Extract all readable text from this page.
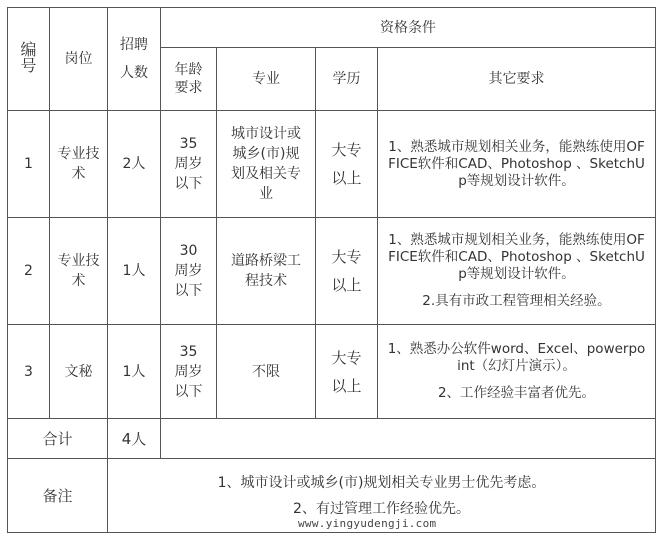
编号	岗位	招聘人数	资格条件			
			年龄要求	专业	学历	其它要求
1	专业技术	2人	35周岁以下	城市设计或城乡(市)规划及相关专业	大专以上	1、熟悉城市规划相关业务，能熟练使用OFFICE软件和CAD、Photoshop 、SketchUp等规划设计软件。

2	专业技术	1人	30周岁以下	道路桥梁工程技术	大专以上	1、熟悉城市规划相关业务，能熟练使用OFFICE软件和CAD、Photoshop 、SketchUp等规划设计软件。

2.具有市政工程管理相关经验。

3	文秘	1人	35周岁以下	不限	大专以上	1、熟悉办公软件word、Excel、powerpoint（幻灯片演示）。

2、工作经验丰富者优先。

合计		4人				
备注		1、城市设计或城乡(市)规划相关专业男士优先考虑。

2、有过管理工作经验优先。				

www.yingyudengji.com
